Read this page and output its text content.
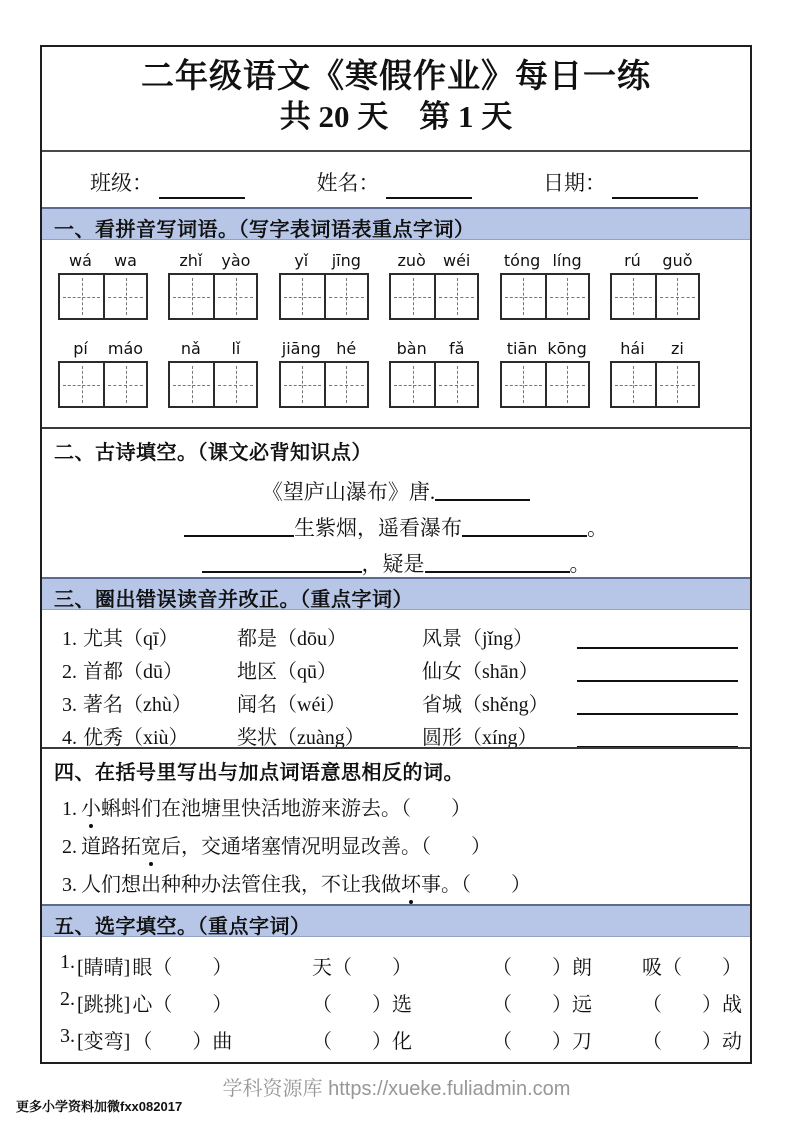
二年级语文《寒假作业》每日一练
共 20 天　第 1 天
班级：	姓名：	日期：
一、看拼音写词语。（写字表词语表重点字词）
wá	wa	zhǐ	yào	yǐ	jīng	zuò	wéi	tóng líng	rú	guǒ
pí	máo	nǎ	lǐ	jiāng hé	bàn	fǎ	tiān kōng	hái	zi
二、古诗填空。（课文必背知识点）
《望庐山瀑布》唐.
生紫烟，遥看瀑布	。
，疑是	。
三、圈出错误读音并改正。（重点字词）
1. 尤其（qī）	都是（dōu）	风景（jǐng）
2. 首都（dū）	地区（qū）	仙女（shān）
3. 著名（zhù）	闻名（wéi）	省城（shěng）
4. 优秀（xiù）	奖状（zuàng）	圆形（xíng）
四、在括号里写出与加点词语意思相反的词。
1. 小蝌蚪们在池塘里快活地游来游去。（　　）
2. 道路拓宽后，交通堵塞情况明显改善。（　　）
3. 人们想出种种办法管住我，不让我做坏事。（　　）
五、选字填空。（重点字词）
1. [睛晴] 眼（　　）	天（　　）	（　　）朗	吸（　　）
2. [跳挑] 心（　　）	（　　）选	（　　）远	（　　）战
3. [变弯] （　　）曲	（　　）化	（　　）刀	（　　）动
学科资源库 https://xueke.fuliadmin.com
更多小学资料加微fxx082017
